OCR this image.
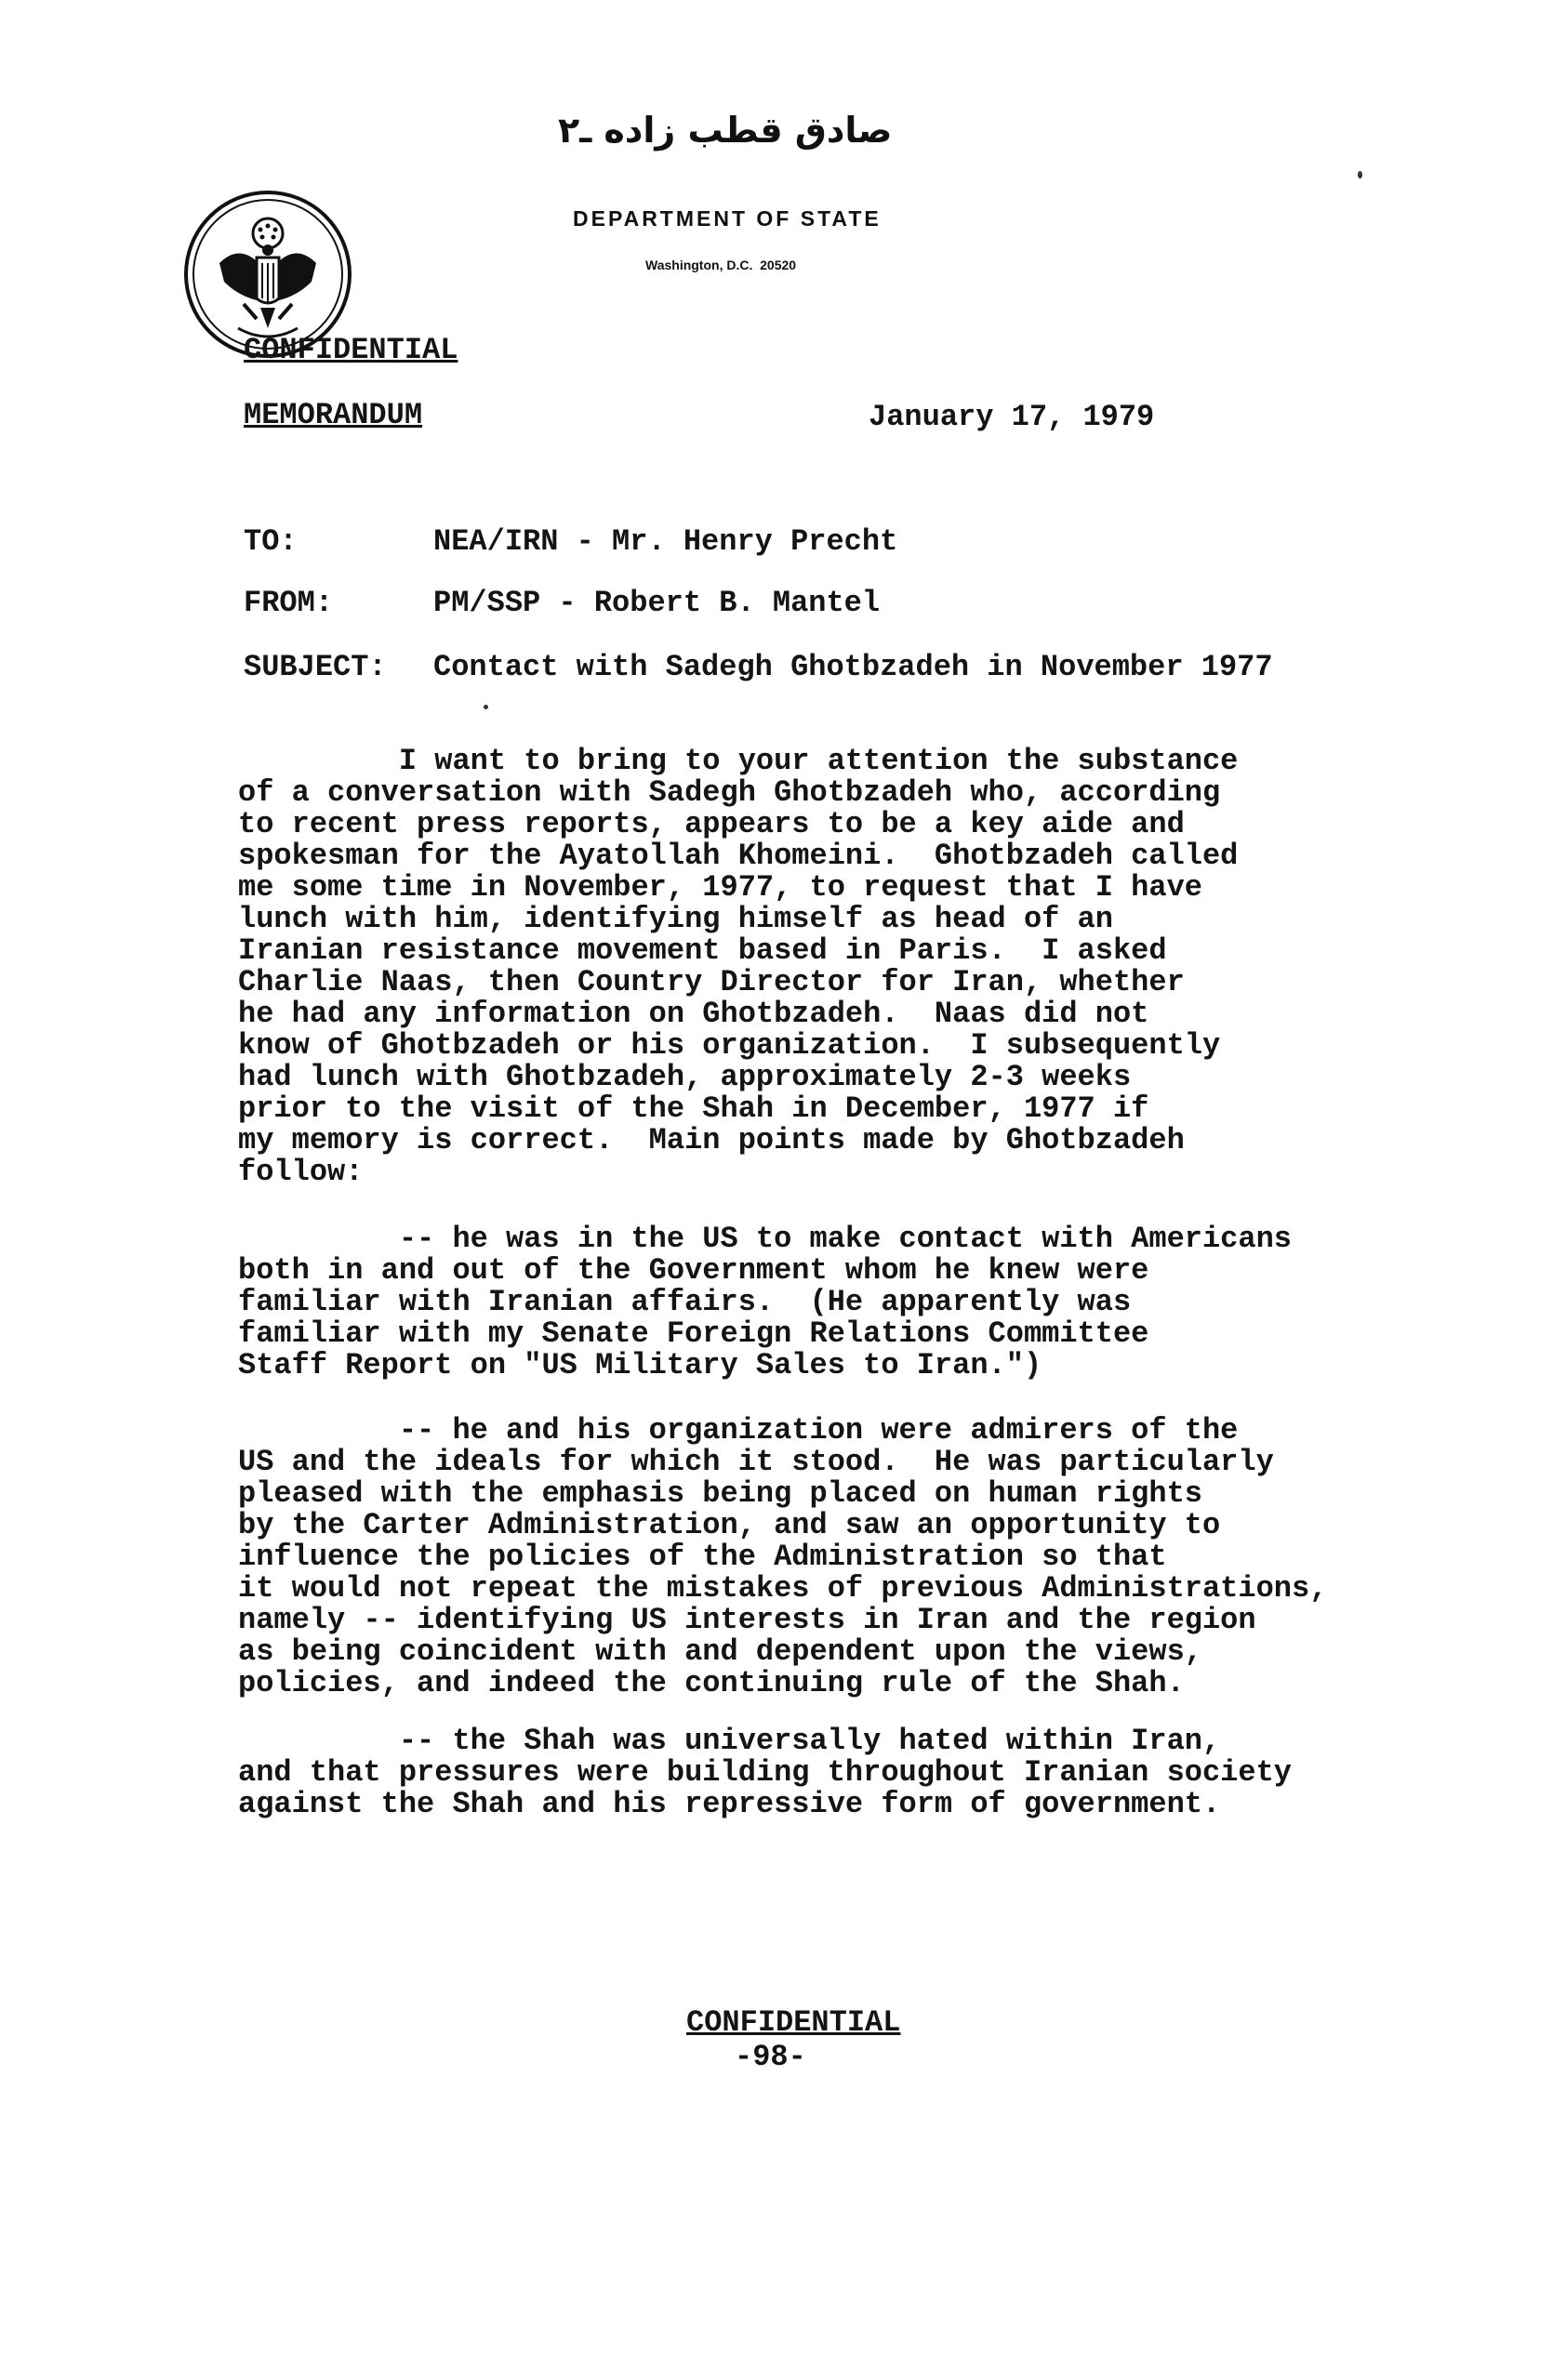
صادق قطب زاده ـ۲
DEPARTMENT OF STATE
Washington, D.C.  20520
CONFIDENTIAL
MEMORANDUM	January 17, 1979
TO:	NEA/IRN - Mr. Henry Precht
FROM:	PM/SSP - Robert B. Mantel
SUBJECT: Contact with Sadegh Ghotbzadeh in November 1977
I want to bring to your attention the substance
of a conversation with Sadegh Ghotbzadeh who, according
to recent press reports, appears to be a key aide and
spokesman for the Ayatollah Khomeini.  Ghotbzadeh called
me some time in November, 1977, to request that I have
lunch with him, identifying himself as head of an
Iranian resistance movement based in Paris.  I asked
Charlie Naas, then Country Director for Iran, whether
he had any information on Ghotbzadeh.  Naas did not
know of Ghotbzadeh or his organization.  I subsequently
had lunch with Ghotbzadeh, approximately 2-3 weeks
prior to the visit of the Shah in December, 1977 if
my memory is correct.  Main points made by Ghotbzadeh
follow:
-- he was in the US to make contact with Americans
both in and out of the Government whom he knew were
familiar with Iranian affairs.  (He apparently was
familiar with my Senate Foreign Relations Committee
Staff Report on "US Military Sales to Iran.")
-- he and his organization were admirers of the
US and the ideals for which it stood.  He was particularly
pleased with the emphasis being placed on human rights
by the Carter Administration, and saw an opportunity to
influence the policies of the Administration so that
it would not repeat the mistakes of previous Administrations,
namely -- identifying US interests in Iran and the region
as being coincident with and dependent upon the views,
policies, and indeed the continuing rule of the Shah.
-- the Shah was universally hated within Iran,
and that pressures were building throughout Iranian society
against the Shah and his repressive form of government.
CONFIDENTIAL
-98-
